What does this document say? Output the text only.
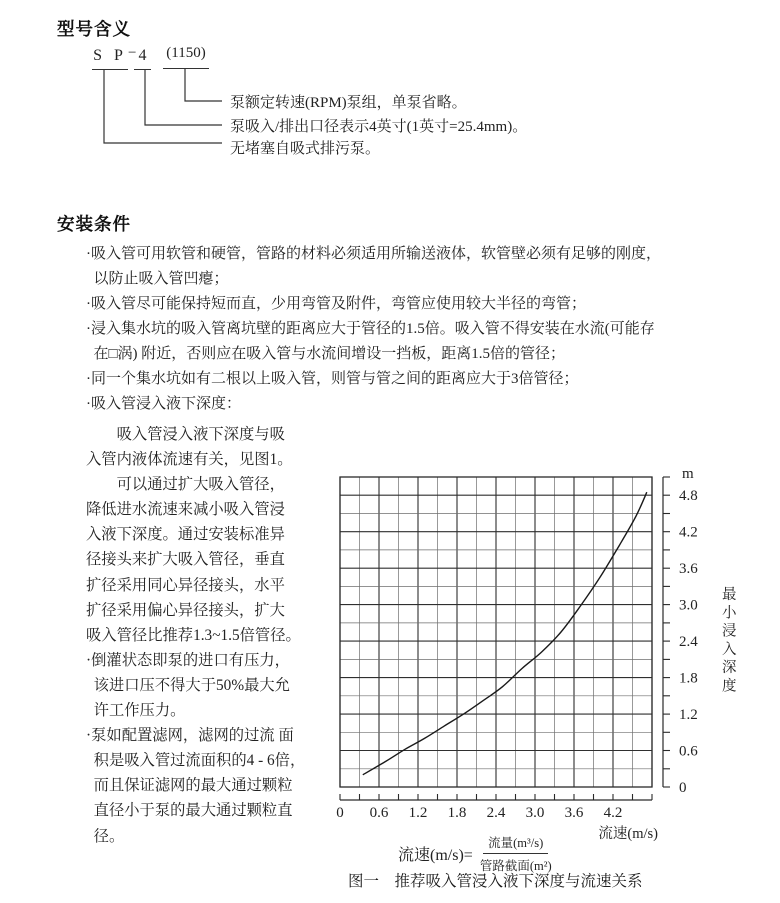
型号含义
S P − 4	(1150)
泵额定转速(RPM)泵组，单泵省略。
泵吸入/排出口径表示4英寸(1英寸=25.4mm)。
无堵塞自吸式排污泵。
安装条件
·吸入管可用软管和硬管，管路的材料必须适用所输送液体，软管壁必须有足够的刚度，
以防止吸入管凹瘪；
·吸入管尽可能保持短而直，少用弯管及附件，弯管应使用较大半径的弯管；
·浸入集水坑的吸入管离坑壁的距离应大于管径的1.5倍。吸入管不得安装在水流(可能存
在□涡) 附近，否则应在吸入管与水流间增设一挡板，距离1.5倍的管径；
·同一个集水坑如有二根以上吸入管，则管与管之间的距离应大于3倍管径；
·吸入管浸入液下深度：
　　吸入管浸入液下深度与吸
入管内液体流速有关，见图1。
　　可以通过扩大吸入管径，
降低进水流速来减小吸入管浸
入液下深度。通过安装标准异
径接头来扩大吸入管径，垂直
扩径采用同心异径接头，水平
扩径采用偏心异径接头，扩大
吸入管径比推荐1.3~1.5倍管径。
·倒灌状态即泵的进口有压力，
该进口压不得大于50%最大允
许工作压力。
·泵如配置滤网，滤网的过流 面
积是吸入管过流面积的4 - 6倍，
而且保证滤网的最大通过颗粒
直径小于泵的最大通过颗粒直
径。
0 0.6 1.2 1.8 2.4 3.0 3.6 4.2
流速(m/s)
0
0.6
1.2
1.8
2.4
3.0
3.6
4.2
4.8
m
最
小
浸
入
深
度
流速$(m/s)= \frac{\text{流量(m³/s)}}{\text{管路截面(m²)}}$
图一　推荐吸入管浸入液下深度与流速关系
